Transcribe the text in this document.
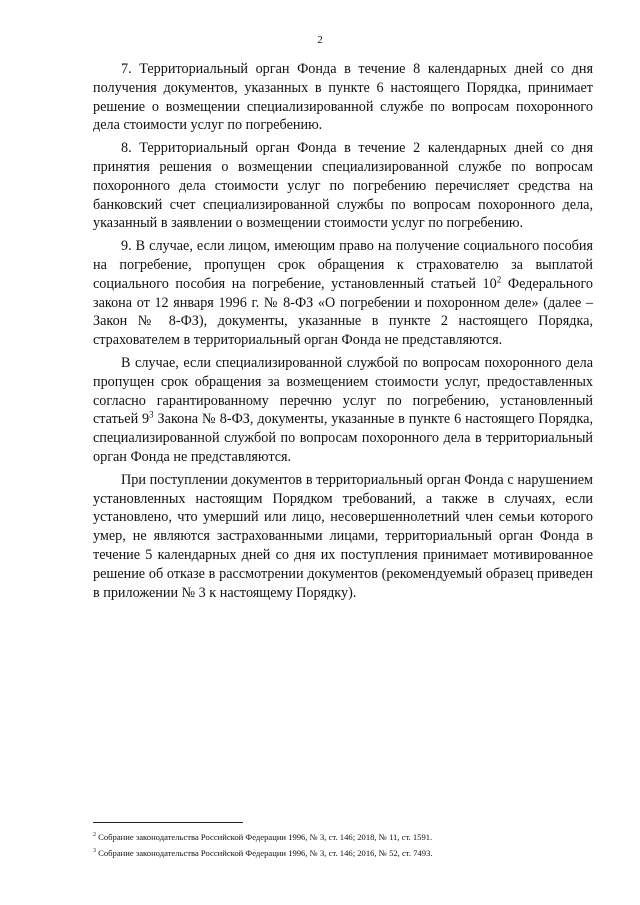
2

7. Территориальный орган Фонда в течение 8 календарных дней со дня получения документов, указанных в пункте 6 настоящего Порядка, принимает решение о возмещении специализированной службе по вопросам похоронного дела стоимости услуг по погребению.

8. Территориальный орган Фонда в течение 2 календарных дней со дня принятия решения о возмещении специализированной службе по вопросам похоронного дела стоимости услуг по погребению перечисляет средства на банковский счет специализированной службы по вопросам похоронного дела, указанный в заявлении о возмещении стоимости услуг по погребению.

9. В случае, если лицом, имеющим право на получение социального пособия на погребение, пропущен срок обращения к страхователю за выплатой социального пособия на погребение, установленный статьей $10^2$ Федерального закона от 12 января 1996 г. № 8-ФЗ «О погребении и похоронном деле» (далее – Закон № 8-ФЗ), документы, указанные в пункте 2 настоящего Порядка, страхователем в территориальный орган Фонда не представляются.

В случае, если специализированной службой по вопросам похоронного дела пропущен срок обращения за возмещением стоимости услуг, предоставленных согласно гарантированному перечню услуг по погребению, установленный статьей $9^3$ Закона № 8-ФЗ, документы, указанные в пункте 6 настоящего Порядка, специализированной службой по вопросам похоронного дела в территориальный орган Фонда не представляются.

При поступлении документов в территориальный орган Фонда с нарушением установленных настоящим Порядком требований, а также в случаях, если установлено, что умерший или лицо, несовершеннолетний член семьи которого умер, не являются застрахованными лицами, территориальный орган Фонда в течение 5 календарных дней со дня их поступления принимает мотивированное решение об отказе в рассмотрении документов (рекомендуемый образец приведен в приложении № 3 к настоящему Порядку).

$^2$ Собрание законодательства Российской Федерации 1996, № 3, ст. 146; 2018, № 11, ст. 1591.
$^3$ Собрание законодательства Российской Федерации 1996, № 3, ст. 146; 2016, № 52, ст. 7493.
